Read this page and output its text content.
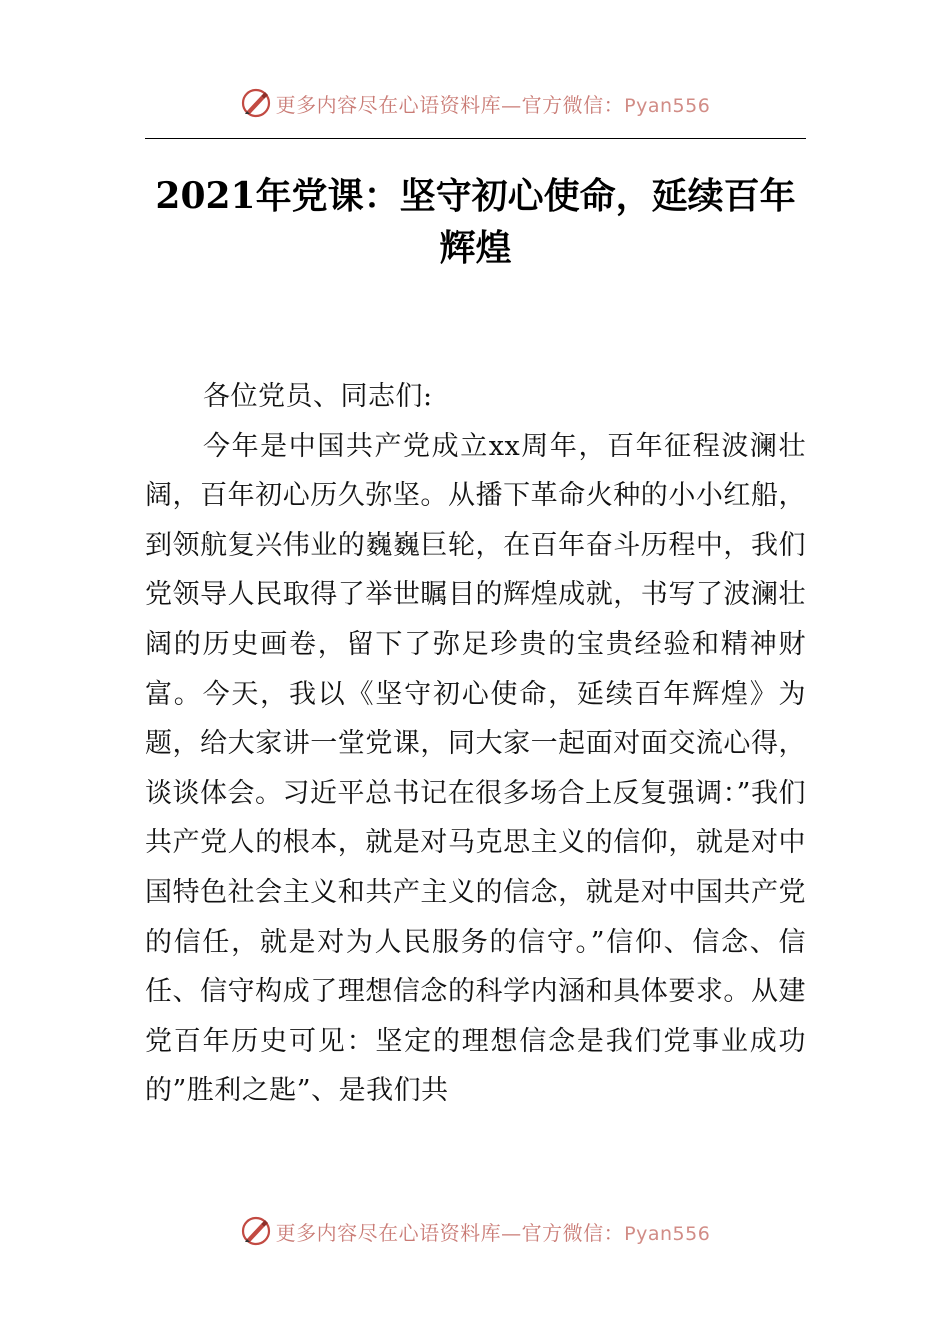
更多内容尽在心语资料库—官方微信：Pyan556
2021年党课：坚守初心使命，延续百年辉煌

各位党员、同志们:

今年是中国共产党成立xx周年，百年征程波澜壮阔，百年初心历久弥坚。从播下革命火种的小小红船，到领航复兴伟业的巍巍巨轮，在百年奋斗历程中，我们党领导人民取得了举世瞩目的辉煌成就，书写了波澜壮阔的历史画卷，留下了弥足珍贵的宝贵经验和精神财富。今天，我以《坚守初心使命，延续百年辉煌》为题，给大家讲一堂党课，同大家一起面对面交流心得，谈谈体会。习近平总书记在很多场合上反复强调：”我们共产党人的根本，就是对马克思主义的信仰，就是对中国特色社会主义和共产主义的信念，就是对中国共产党的信任，就是对为人民服务的信守。”信仰、信念、信任、信守构成了理想信念的科学内涵和具体要求。从建党百年历史可见：坚定的理想信念是我们党事业成功的”胜利之匙”、是我们共

更多内容尽在心语资料库—官方微信：Pyan556
